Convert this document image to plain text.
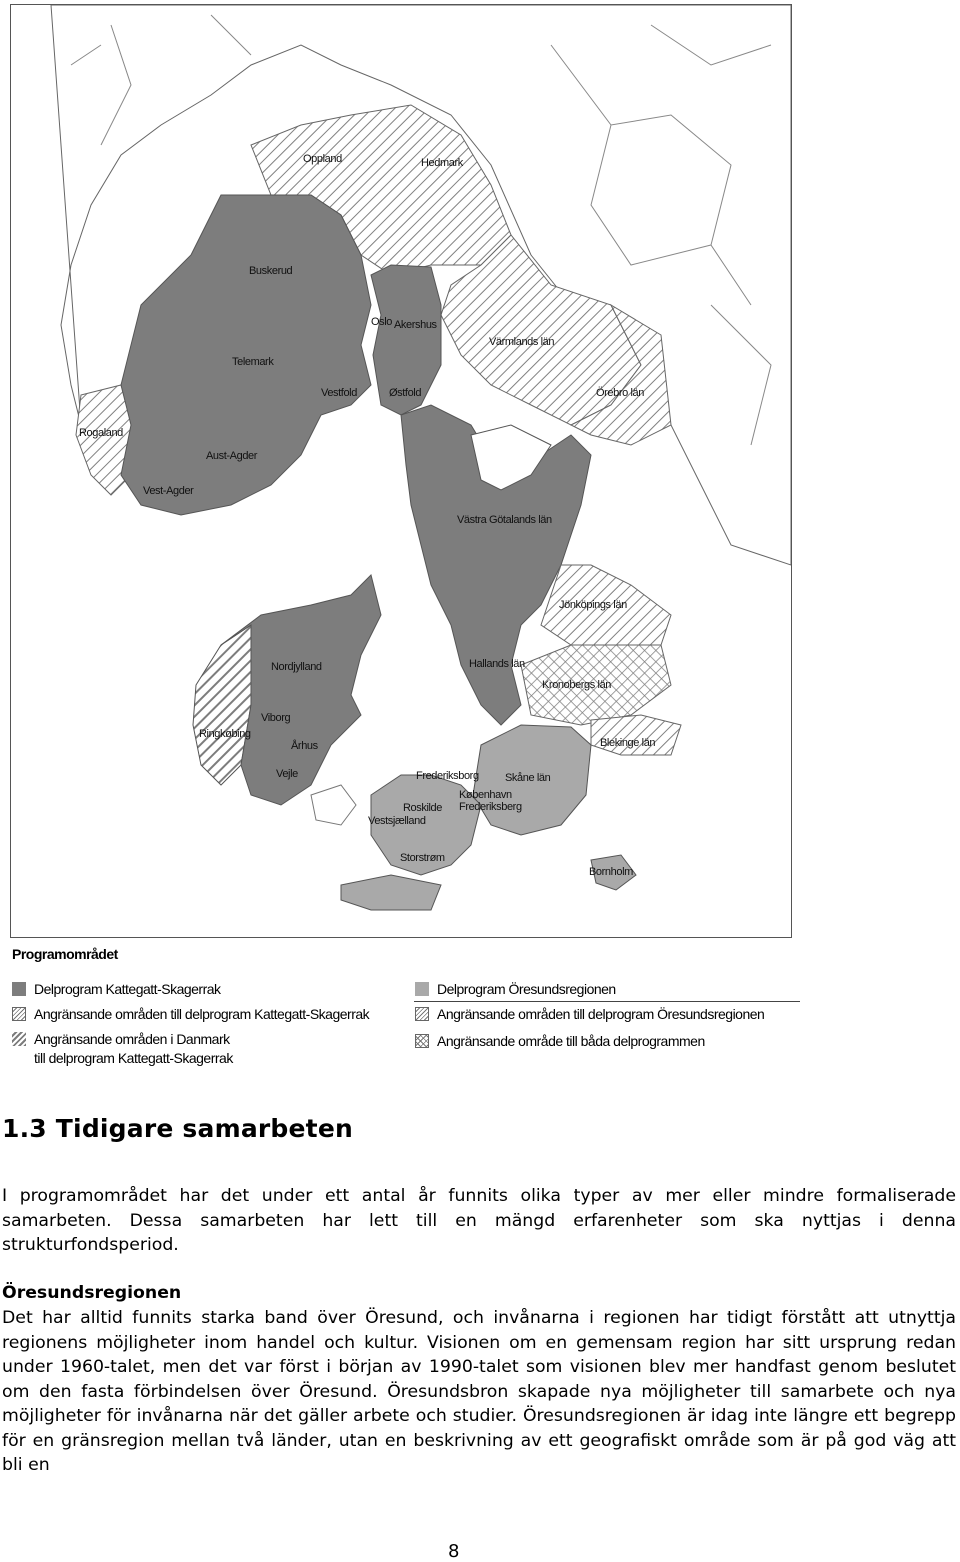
Oppland	Hedmark
Buskerud
Oslo Akershus
Värmlands län
Telemark
Vestfold	Østfold	Örebro län
Rogaland
Aust-Agder
Vest-Agder
Västra Götalands län
Jönköpings län
Nordjylland	Hallands län
Kronobergs län
Viborg
Ringkøbing
Århus	Blekinge län
Vejle	Frederiksborg Skåne län
København
Frederiksberg
Roskilde
Vestsjælland
Storstrøm
Bornholm
Programområdet
Delprogram Kattegatt-Skagerrak
Angränsande områden till delprogram Kattegatt-Skagerrak
Angränsande områden i Danmark
till delprogram Kattegatt-Skagerrak
Delprogram Öresundsregionen
Angränsande områden till delprogram Öresundsregionen
Angränsande område till båda delprogrammen
1.3 Tidigare samarbeten

I programområdet har det under ett antal år funnits olika typer av mer eller mindre formaliserade samarbeten. Dessa samarbeten har lett till en mängd erfarenheter som ska nyttjas i denna strukturfondsperiod.

Öresundsregionen

Det har alltid funnits starka band över Öresund, och invånarna i regionen har tidigt förstått att utnyttja regionens möjligheter inom handel och kultur. Visionen om en gemensam region har sitt ursprung redan under 1960-talet, men det var först i början av 1990-talet som visionen blev mer handfast genom beslutet om den fasta förbindelsen över Öresund. Öresundsbron skapade nya möjligheter till samarbete och nya möjligheter för invånarna när det gäller arbete och studier. Öresundsregionen är idag inte längre ett begrepp för en gränsregion mellan två länder, utan en beskrivning av ett geografiskt område som är på god väg att bli en

8
